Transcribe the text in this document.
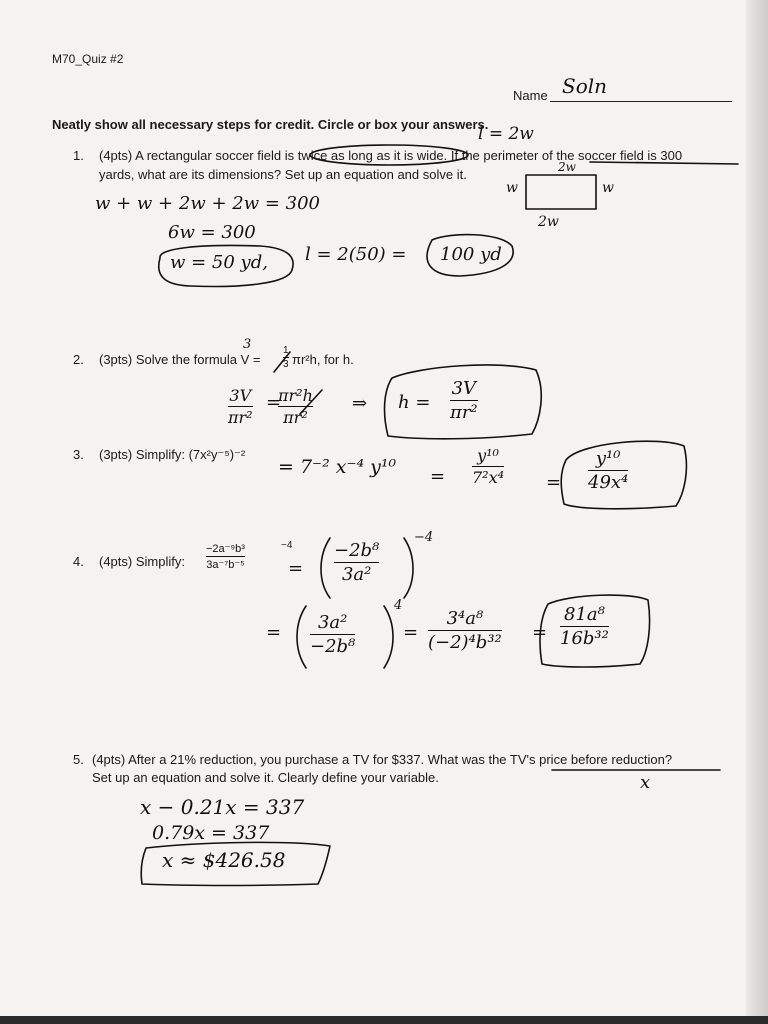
M70_Quiz #2
Name Soln
Neatly show all necessary steps for credit. Circle or box your answers.
1. (4pts) A rectangular soccer field is twice as long as it is wide. If the perimeter of the soccer field is 300
yards, what are its dimensions? Set up an equation and solve it.
l = 2w
w + w + 2w + 2w = 300
6w = 300
w = 50 yd, l = 2(50) = 100 yd
2w
w	w
2w
2. (3pts) Solve the formula V =
1
3 πr²h, for h.
3
3V
πr²
=
πr²h
πr²
⇒ h =
3V
πr²
3. (3pts) Simplify: (7x²y⁻⁵)⁻²
= 7⁻² x⁻⁴ y¹⁰ =
y¹⁰
7²x⁴ =
y¹⁰
49x⁴
4. (4pts) Simplify:
−2a⁻⁹b³
3a⁻⁷b⁻⁵
−4
=
−2b⁸
3a²
−4
= 3a²
−2b⁸
4
=
3⁴a⁸
(−2)⁴b³² =
81a⁸
16b³²
5. (4pts) After a 21% reduction, you purchase a TV for $337. What was the TV's price before reduction?
Set up an equation and solve it. Clearly define your variable.	x
x − 0.21x = 337
0.79x = 337
x ≈ $426.58
